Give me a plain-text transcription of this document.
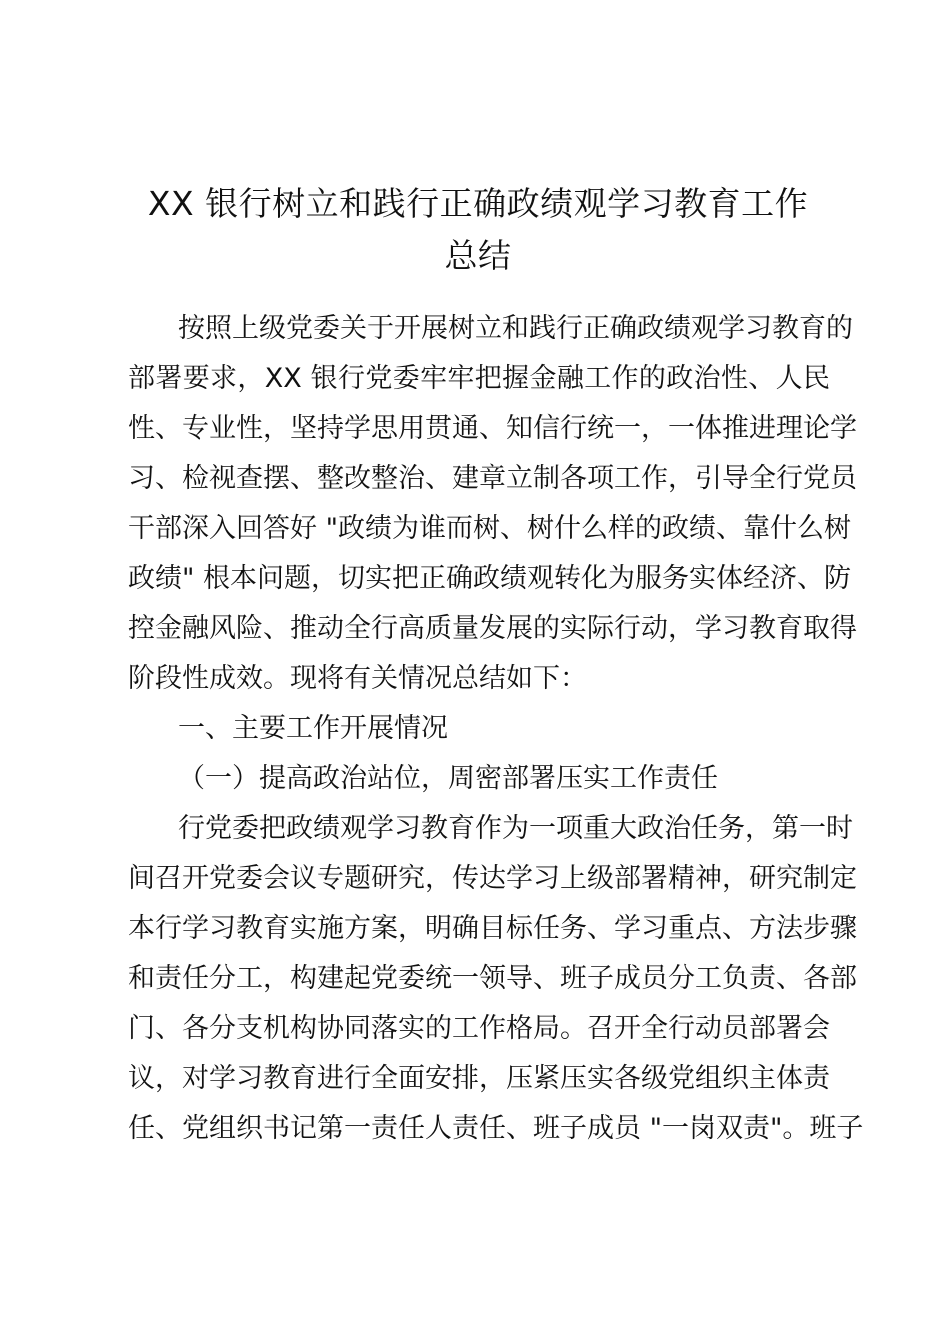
XX 银行树立和践行正确政绩观学习教育工作
总结
按照上级党委关于开展树立和践行正确政绩观学习教育的
部署要求，XX 银行党委牢牢把握金融工作的政治性、人民
性、专业性，坚持学思用贯通、知信行统一，一体推进理论学
习、检视查摆、整改整治、建章立制各项工作，引导全行党员
干部深入回答好 "政绩为谁而树、树什么样的政绩、靠什么树
政绩" 根本问题，切实把正确政绩观转化为服务实体经济、防
控金融风险、推动全行高质量发展的实际行动，学习教育取得
阶段性成效。现将有关情况总结如下：
一、主要工作开展情况
（一）提高政治站位，周密部署压实工作责任
行党委把政绩观学习教育作为一项重大政治任务，第一时
间召开党委会议专题研究，传达学习上级部署精神，研究制定
本行学习教育实施方案，明确目标任务、学习重点、方法步骤
和责任分工，构建起党委统一领导、班子成员分工负责、各部
门、各分支机构协同落实的工作格局。召开全行动员部署会
议，对学习教育进行全面安排，压紧压实各级党组织主体责
任、党组织书记第一责任人责任、班子成员 "一岗双责"。班子
